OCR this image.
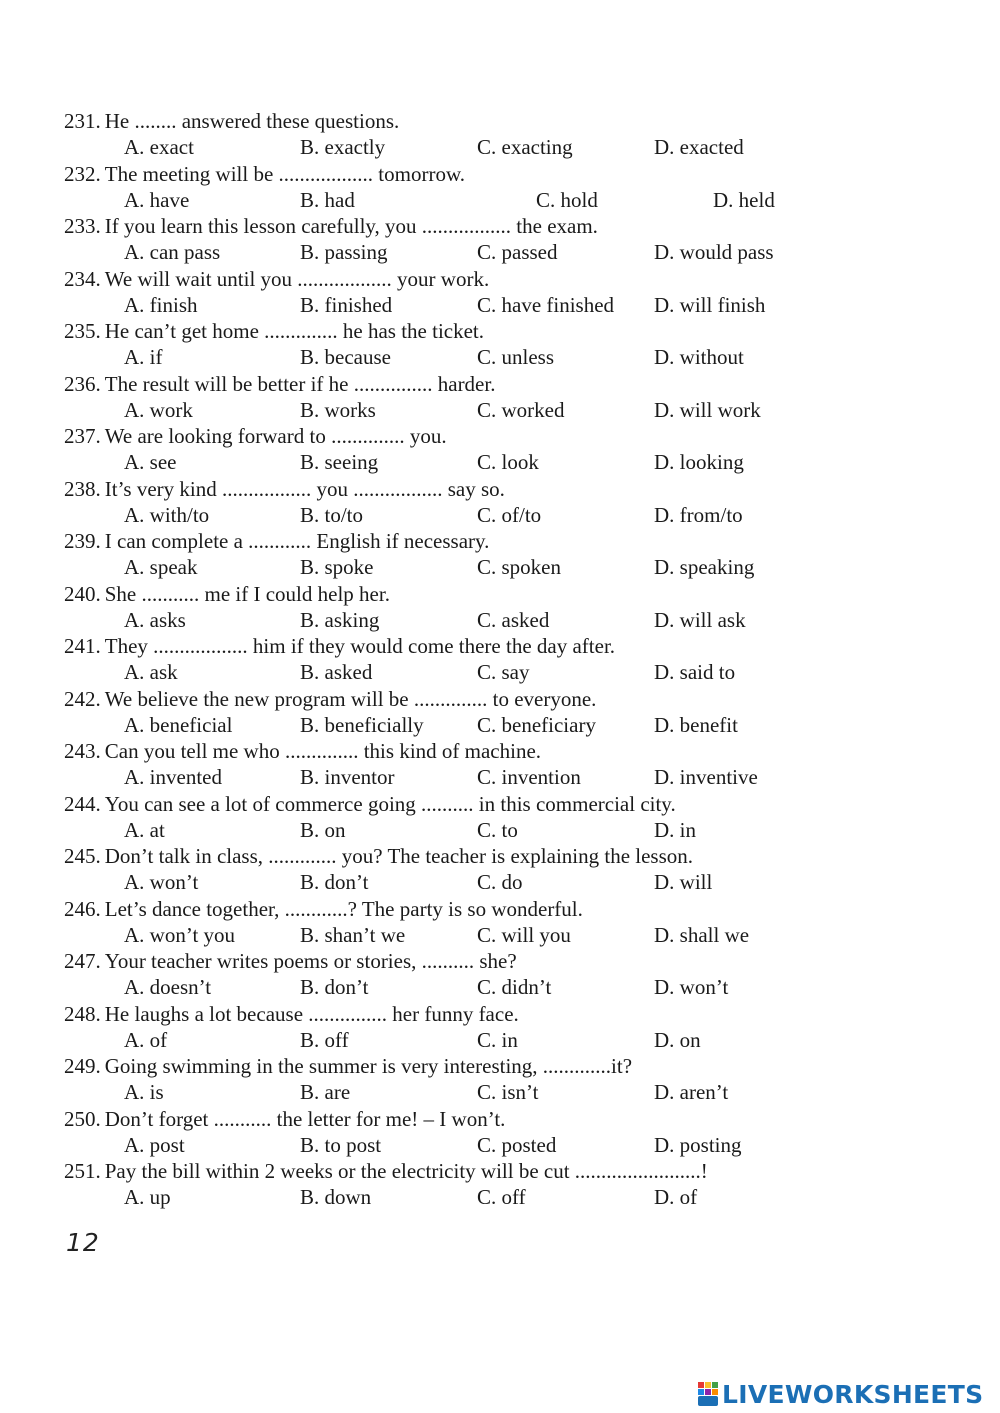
231. He ........ answered these questions.
A. exact	B. exactly	C. exacting	D. exacted
232. The meeting will be .................. tomorrow.
A. have	B. had	C. hold	D. held
233. If you learn this lesson carefully, you ................. the exam.
A. can pass	B. passing	C. passed	D. would pass
234. We will wait until you .................. your work.
A. finish	B. finished	C. have finished D. will finish
235. He can’t get home .............. he has the ticket.
A. if	B. because	C. unless	D. without
236. The result will be better if he ............... harder.
A. work	B. works	C. worked	D. will work
237. We are looking forward to .............. you.
A. see	B. seeing	C. look	D. looking
238. It’s very kind ................. you ................. say so.
A. with/to	B. to/to	C. of/to	D. from/to
239. I can complete a ............ English if necessary.
A. speak	B. spoke	C. spoken	D. speaking
240. She ........... me if I could help her.
A. asks	B. asking	C. asked	D. will ask
241. They .................. him if they would come there the day after.
A. ask	B. asked	C. say	D. said to
242. We believe the new program will be .............. to everyone.
A. beneficial	B. beneficially	C. beneficiary	D. benefit
243. Can you tell me who .............. this kind of machine.
A. invented	B. inventor	C. invention	D. inventive
244. You can see a lot of commerce going .......... in this commercial city.
A. at	B. on	C. to	D. in
245. Don’t talk in class, ............. you? The teacher is explaining the lesson.
A. won’t	B. don’t	C. do	D. will
246. Let’s dance together, ............? The party is so wonderful.
A. won’t you	B. shan’t we	C. will you	D. shall we
247. Your teacher writes poems or stories, .......... she?
A. doesn’t	B. don’t	C. didn’t	D. won’t
248. He laughs a lot because ............... her funny face.
A. of	B. off	C. in	D. on
249. Going swimming in the summer is very interesting, .............it?
A. is	B. are	C. isn’t	D. aren’t
250. Don’t forget ........... the letter for me! – I won’t.
A. post	B. to post	C. posted	D. posting
251. Pay the bill within 2 weeks or the electricity will be cut ........................!
A. up	B. down	C. off	D. of
12
LIVEWORKSHEETS
